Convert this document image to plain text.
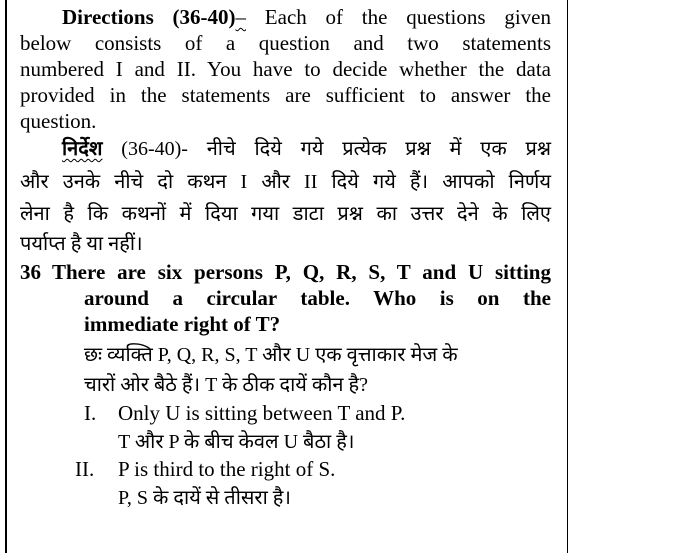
Directions (36-40)– Each of the questions given
below consists of a question and two statements
numbered I and II. You have to decide whether the data
provided in the statements are sufficient to answer the
question.
निर्देश (36-40)- नीचे दिये गये प्रत्येक प्रश्न में एक प्रश्न
और उनके नीचे दो कथन I और II दिये गये हैं। आपको निर्णय
लेना है कि कथनों में दिया गया डाटा प्रश्न का उत्तर देने के लिए
पर्याप्त है या नहीं।
36 There are six persons P, Q, R, S, T and U sitting
around a circular table. Who is on the
immediate right of T?
छः व्यक्ति P, Q, R, S, T और U एक वृत्ताकार मेज के
चारों ओर बैठे हैं। T के ठीक दायें कौन है?
I.	Only U is sitting between T and P.
T और P के बीच केवल U बैठा है।
II.	P is third to the right of S.
P, S के दायें से तीसरा है।
